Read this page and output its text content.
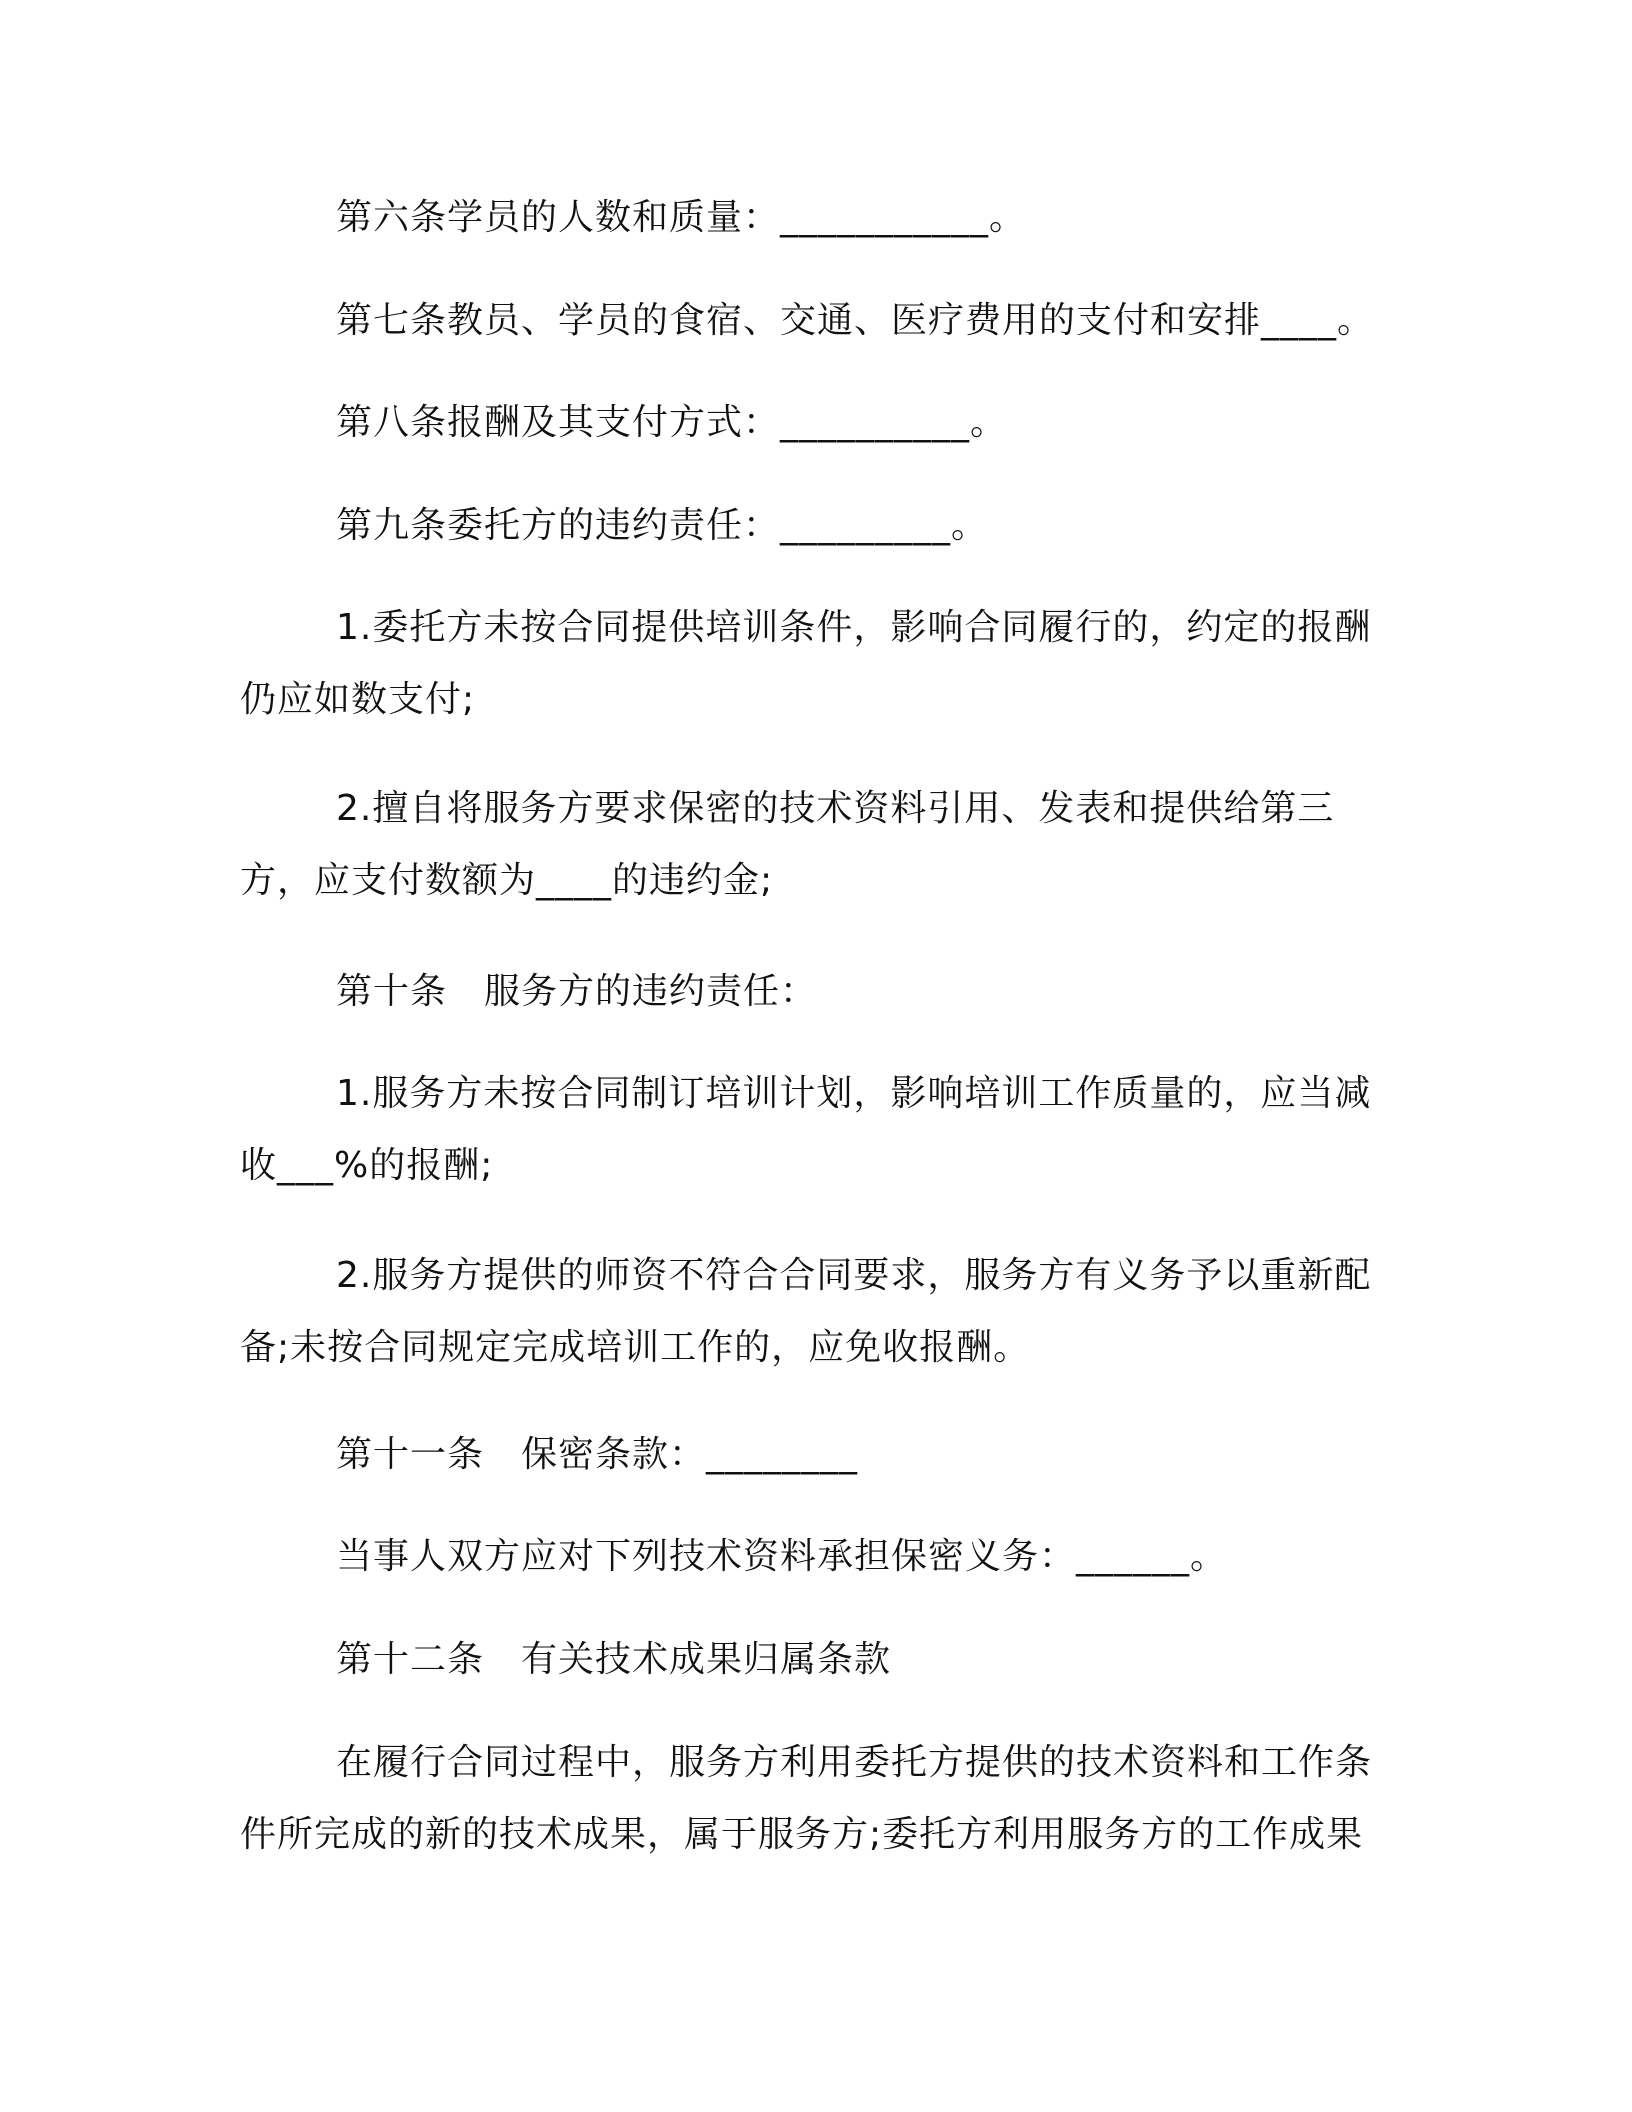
第六条学员的人数和质量：___________。

第七条教员、学员的食宿、交通、医疗费用的支付和安排____。

第八条报酬及其支付方式：__________。

第九条委托方的违约责任：_________。

1.委托方未按合同提供培训条件，影响合同履行的，约定的报酬仍应如数支付;

2.擅自将服务方要求保密的技术资料引用、发表和提供给第三方，应支付数额为____的违约金;

第十条　服务方的违约责任：

1.服务方未按合同制订培训计划，影响培训工作质量的，应当减收___%的报酬;

2.服务方提供的师资不符合合同要求，服务方有义务予以重新配备;未按合同规定完成培训工作的，应免收报酬。

第十一条　保密条款：________

当事人双方应对下列技术资料承担保密义务：______。

第十二条　有关技术成果归属条款

在履行合同过程中，服务方利用委托方提供的技术资料和工作条件所完成的新的技术成果，属于服务方;委托方利用服务方的工作成果
